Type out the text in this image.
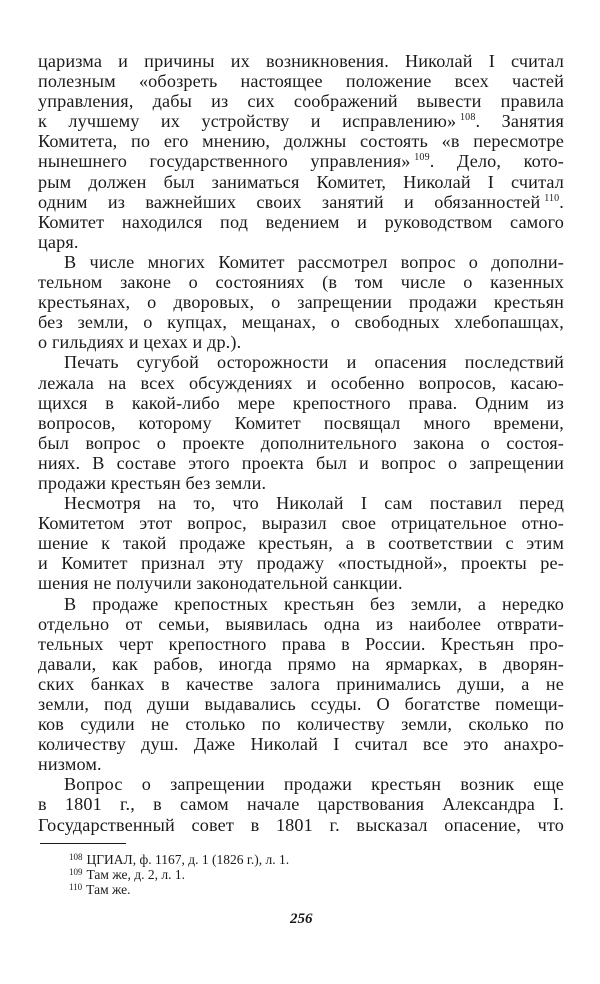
царизма и причины их возникновения. Николай I считал
полезным «обозреть настоящее положение всех частей
управления, дабы из сих соображений вывести правила
к лучшему их устройству и исправлению»  $^{108}$. Занятия
Комитета, по его мнению, должны состоять «в пересмотре
нынешнего государственного управления»  $^{109}$. Дело, кото-
рым должен был заниматься Комитет, Николай I считал
одним из важнейших своих занятий и обязанностей  $^{110}$.
Комитет находился под ведением и руководством самого
царя.
В числе многих Комитет рассмотрел вопрос о дополни-
тельном законе о состояниях (в том числе о казенных
крестьянах, о дворовых, о запрещении продажи крестьян
без земли, о купцах, мещанах, о свободных хлебопашцах,
о гильдиях и цехах и др.).
Печать сугубой осторожности и опасения последствий
лежала на всех обсуждениях и особенно вопросов, касаю-
щихся в какой-либо мере крепостного права. Одним из
вопросов, которому Комитет посвящал много времени,
был вопрос о проекте дополнительного закона о состоя-
ниях. В составе этого проекта был и вопрос о запрещении
продажи крестьян без земли.
Несмотря на то, что Николай I сам поставил перед
Комитетом этот вопрос, выразил свое отрицательное отно-
шение к такой продаже крестьян, а в соответствии с этим
и Комитет признал эту продажу «постыдной», проекты ре-
шения не получили законодательной санкции.
В продаже крепостных крестьян без земли, а нередко
отдельно от семьи, выявилась одна из наиболее отврати-
тельных черт крепостного права в России. Крестьян про-
давали, как рабов, иногда прямо на ярмарках, в дворян-
ских банках в качестве залога принимались души, а не
земли, под души выдавались ссуды. О богатстве помещи-
ков судили не столько по количеству земли, сколько по
количеству душ. Даже Николай I считал все это анахро-
низмом.
Вопрос о запрещении продажи крестьян возник еще
в 1801 г., в самом начале царствования Александра I.
Государственный совет в 1801 г. высказал опасение, что
$^{108}$ ЦГИАЛ, ф. 1167, д. 1 (1826 г.), л. 1.
$^{109}$ Там же, д. 2, л. 1.
$^{110}$ Там же.
256
